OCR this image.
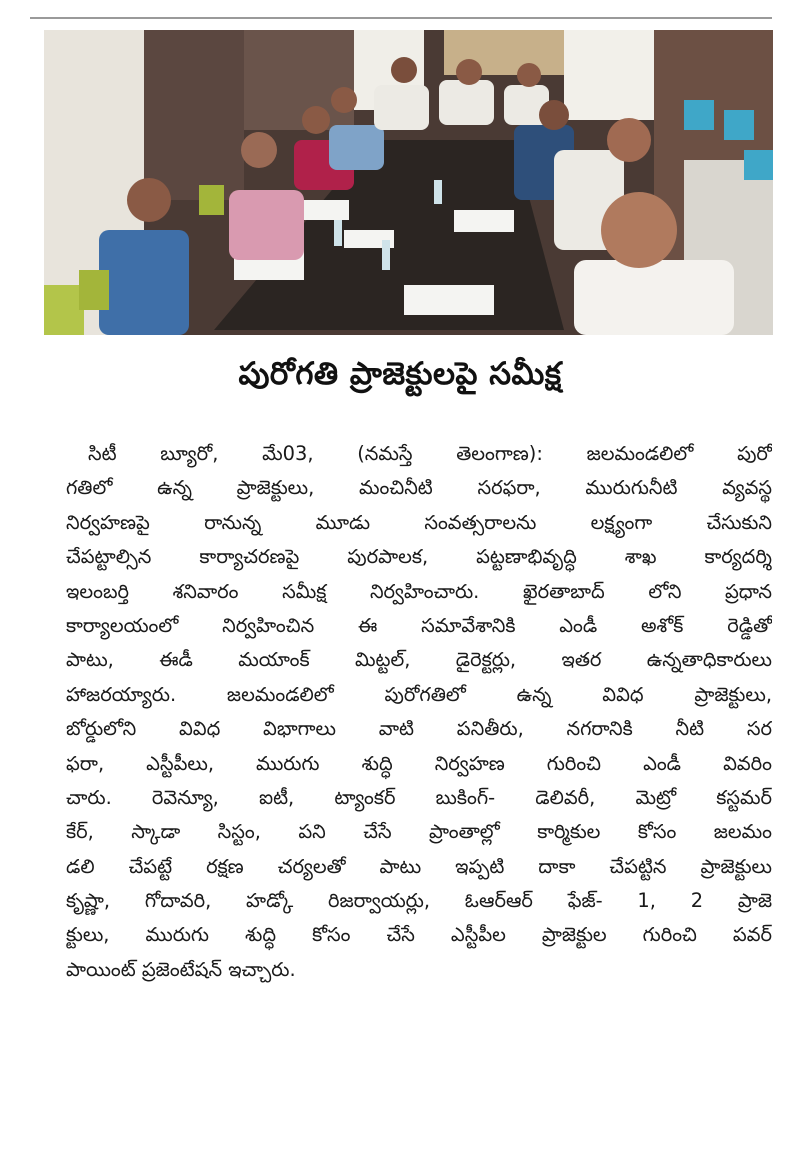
పురోగతి ప్రాజెక్టులపై సమీక్ష
సిటీ బ్యూరో, మే03, (నమస్తే తెలంగాణ): జలమండలిలో పురో
గతిలో ఉన్న ప్రాజెక్టులు, మంచినీటి సరఫరా, మురుగునీటి వ్యవస్థ
నిర్వహణపై రానున్న మూడు సంవత్సరాలను లక్ష్యంగా చేసుకుని
చేపట్టాల్సిన కార్యాచరణపై పురపాలక, పట్టణాభివృద్ధి శాఖ కార్యదర్శి
ఇలంబర్తి శనివారం సమీక్ష నిర్వహించారు. ఖైరతాబాద్ లోని ప్రధాన
కార్యాలయంలో నిర్వహించిన ఈ సమావేశానికి ఎండీ అశోక్ రెడ్డితో
పాటు, ఈడీ మయాంక్ మిట్టల్, డైరెక్టర్లు, ఇతర ఉన్నతాధికారులు
హాజరయ్యారు. జలమండలిలో పురోగతిలో ఉన్న వివిధ ప్రాజెక్టులు,
బోర్డులోని వివిధ విభాగాలు వాటి పనితీరు, నగరానికి నీటి సర
ఫరా, ఎస్టీపీలు, మురుగు శుద్ధి నిర్వహణ గురించి ఎండీ వివరిం
చారు. రెవెన్యూ, ఐటీ, ట్యాంకర్ బుకింగ్- డెలివరీ, మెట్రో కస్టమర్
కేర్, స్కాడా సిస్టం, పని చేసే ప్రాంతాల్లో కార్మికుల కోసం జలమం
డలి చేపట్టే రక్షణ చర్యలతో పాటు ఇప్పటి దాకా చేపట్టిన ప్రాజెక్టులు
కృష్ణా, గోదావరి, హడ్కో రిజర్వాయర్లు, ఓఆర్ఆర్ ఫేజ్- 1, 2 ప్రాజె
క్టులు, మురుగు శుద్ధి కోసం చేసే ఎస్టీపీల ప్రాజెక్టుల గురించి పవర్
పాయింట్ ప్రజెంటేషన్ ఇచ్చారు.
